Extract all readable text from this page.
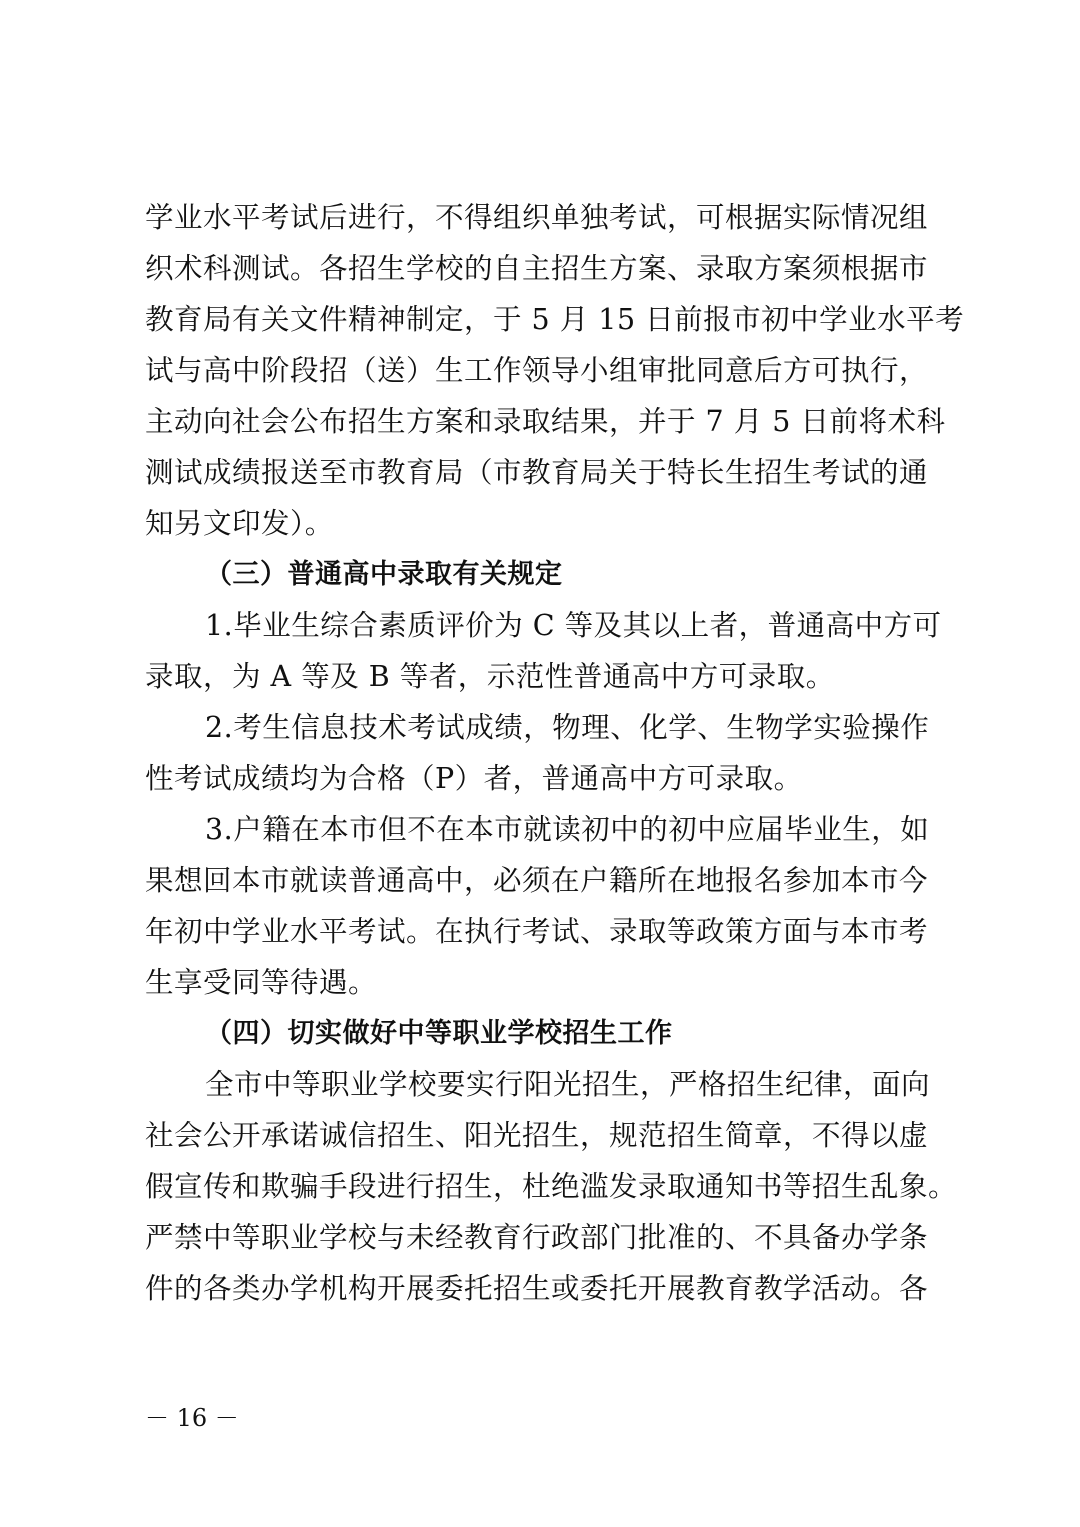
学业水平考试后进行，不得组织单独考试，可根据实际情况组
织术科测试。各招生学校的自主招生方案、录取方案须根据市
教育局有关文件精神制定，于 5 月 15 日前报市初中学业水平考
试与高中阶段招（送）生工作领导小组审批同意后方可执行，
主动向社会公布招生方案和录取结果，并于 7 月 5 日前将术科
测试成绩报送至市教育局（市教育局关于特长生招生考试的通
知另文印发）。
（三）普通高中录取有关规定
1.毕业生综合素质评价为 C 等及其以上者，普通高中方可
录取，为 A 等及 B 等者，示范性普通高中方可录取。
2.考生信息技术考试成绩，物理、化学、生物学实验操作
性考试成绩均为合格（P）者，普通高中方可录取。
3.户籍在本市但不在本市就读初中的初中应届毕业生，如
果想回本市就读普通高中，必须在户籍所在地报名参加本市今
年初中学业水平考试。在执行考试、录取等政策方面与本市考
生享受同等待遇。
（四）切实做好中等职业学校招生工作
全市中等职业学校要实行阳光招生，严格招生纪律，面向
社会公开承诺诚信招生、阳光招生，规范招生简章，不得以虚
假宣传和欺骗手段进行招生，杜绝滥发录取通知书等招生乱象。
严禁中等职业学校与未经教育行政部门批准的、不具备办学条
件的各类办学机构开展委托招生或委托开展教育教学活动。各
－ 16 －
